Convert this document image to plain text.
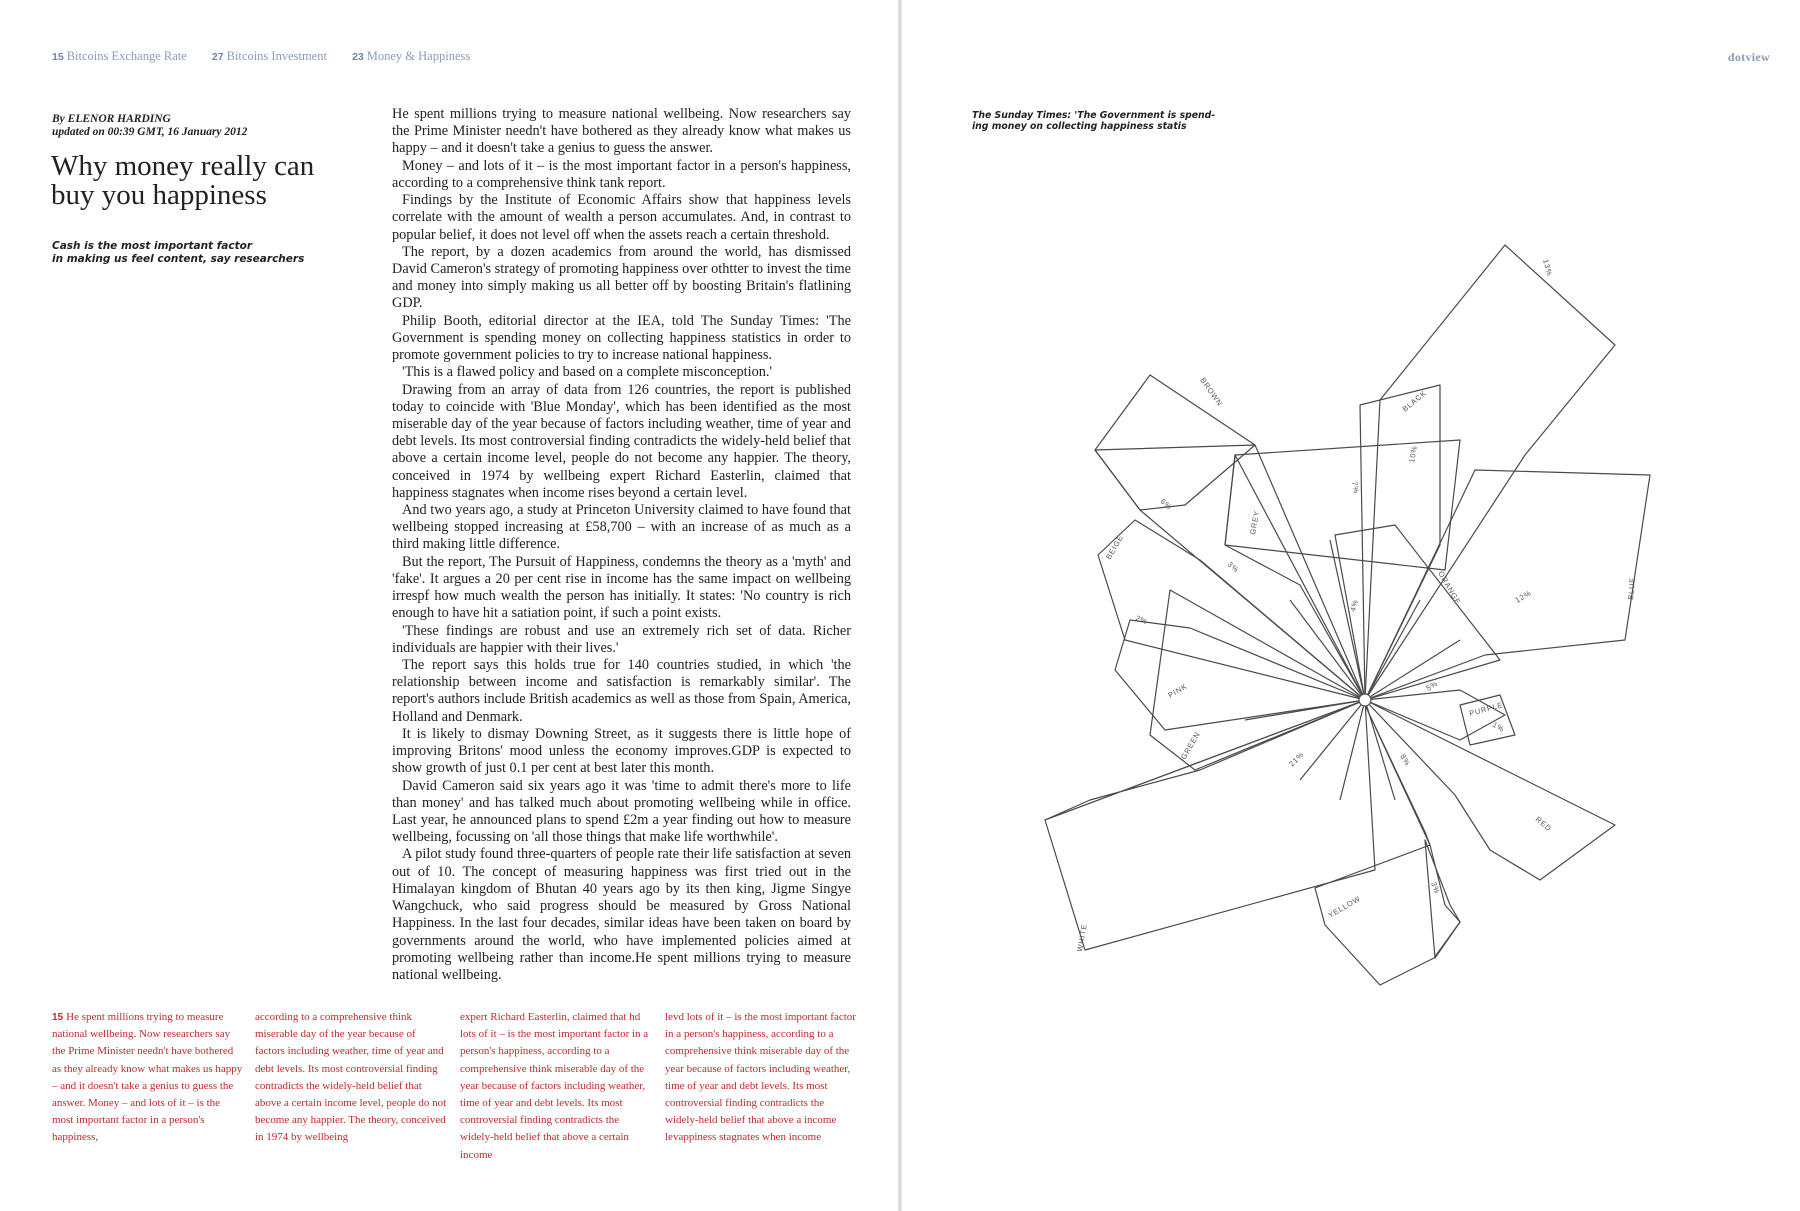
15 Bitcoins Exchange Rate 27 Bitcoins Investment 23 Money & Happiness
By ELENOR HARDING
updated on 00:39 GMT, 16 January 2012
Why money really can buy you happiness
Cash is the most important factor
in making us feel content, say researchers

He spent millions trying to measure national wellbeing. Now researchers say the Prime Minister needn't have bothered as they already know what makes us happy – and it doesn't take a genius to guess the answer.

Money – and lots of it – is the most important factor in a person's happiness, according to a comprehensive think tank report.

Findings by the Institute of Economic Affairs show that happiness levels correlate with the amount of wealth a person accumulates. And, in contrast to popular belief, it does not level off when the assets reach a certain threshold.

The report, by a dozen academics from around the world, has dismissed David Cameron's strategy of promoting happiness over othtter to invest the time and money into simply making us all better off by boosting Britain's flatlining GDP.

Philip Booth, editorial director at the IEA, told The Sunday Times: 'The Government is spending money on collecting happiness statistics in order to promote government policies to try to increase national happiness.

'This is a flawed policy and based on a complete misconception.'

Drawing from an array of data from 126 countries, the report is published today to coincide with 'Blue Monday', which has been identified as the most miserable day of the year because of factors including weather, time of year and debt levels. Its most controversial finding contradicts the widely-held belief that above a certain income level, people do not become any happier. The theory, conceived in 1974 by wellbeing expert Richard Easterlin, claimed that happiness stagnates when income rises beyond a certain level.

And two years ago, a study at Princeton University claimed to have found that wellbeing stopped increasing at £58,700 – with an increase of as much as a third making little difference.

But the report, The Pursuit of Happiness, condemns the theory as a 'myth' and 'fake'. It argues a 20 per cent rise in income has the same impact on wellbeing irrespf how much wealth the person has initially. It states: 'No country is rich enough to have hit a satiation point, if such a point exists.

'These findings are robust and use an extremely rich set of data. Richer individuals are happier with their lives.'

The report says this holds true for 140 countries studied, in which 'the relationship between income and satisfaction is remarkably similar'. The report's authors include British academics as well as those from Spain, America, Holland and Denmark.

It is likely to dismay Downing Street, as it suggests there is little hope of improving Britons' mood unless the economy improves.GDP is expected to show growth of just 0.1 per cent at best later this month.

David Cameron said six years ago it was 'time to admit there's more to life than money' and has talked much about promoting wellbeing while in office. Last year, he announced plans to spend £2m a year finding out how to measure wellbeing, focussing on 'all those things that make life worthwhile'.

A pilot study found three-quarters of people rate their life satisfaction at seven out of 10. The concept of measuring happiness was first tried out in the Himalayan kingdom of Bhutan 40 years ago by its then king, Jigme Singye Wangchuck, who said progress should be measured by Gross National Happiness. In the last four decades, similar ideas have been taken on board by governments around the world, who have implemented policies aimed at promoting wellbeing rather than income.He spent millions trying to measure national wellbeing.

15 He spent millions trying to measure national wellbeing. Now researchers say the Prime Minister needn't have bothered as they already know what makes us happy – and it doesn't take a genius to guess the answer. Money – and lots of it – is the most important factor in a person's happiness,

according to a comprehensive think miserable day of the year because of factors including weather, time of year and debt levels. Its most controversial finding contradicts the widely-held belief that above a certain income level, people do not become any happier. The theory, conceived in 1974 by wellbeing

expert Richard Easterlin, claimed that hd lots of it – is the most important factor in a person's happiness, according to a comprehensive think miserable day of the year because of factors including weather, time of year and debt levels. Its most controversial finding contradicts the widely-held belief that above a certain income

levd lots of it – is the most important factor in a person's happiness, according to a comprehensive think miserable day of the year because of factors including weather, time of year and debt levels. Its most controversial finding contradicts the widely-held belief that above a income levappiness stagnates when income

dotview
The Sunday Times: 'The Government is spend-
ing money on collecting happiness statis
RED
8%
YELLOW
3%
WHITE
21%
GREEN
4%
PINK
2%
BEIGE
3%
BROWN
6%
GREY
7%
BLACK
10%
13%
BLUE
12%
ORANGE
5%
PURPLE
1%
